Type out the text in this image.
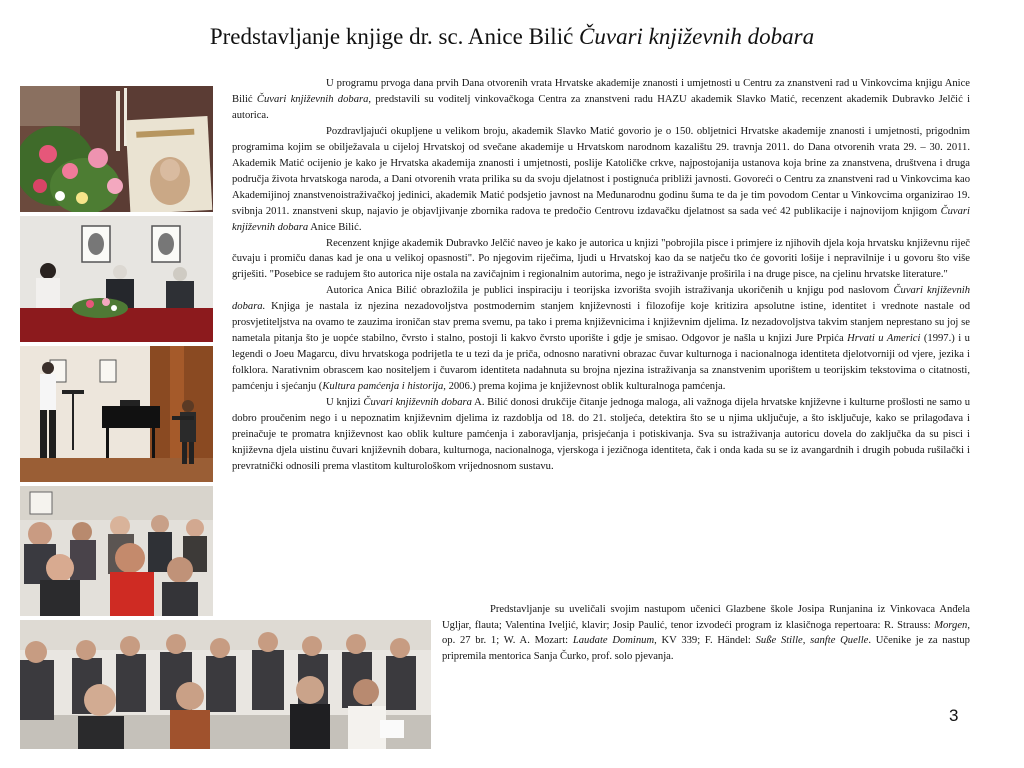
Predstavljanje knjige dr. sc. Anice Bilić Čuvari književnih dobara

U programu prvoga dana prvih Dana otvorenih vrata Hrvatske akademije znanosti i umjetnosti u Centru za znanstveni rad u Vinkovcima knjigu Anice Bilić Čuvari književnih dobara, predstavili su voditelj vinkovačkoga Centra za znanstveni radu HAZU akademik Slavko Matić, recenzent akademik Dubravko Jelčić i autorica.

Pozdravljajući okupljene u velikom broju, akademik Slavko Matić govorio je o 150. obljetnici Hrvatske akademije znanosti i umjetnosti, prigodnim programima kojim se obilježavala u cijeloj Hrvatskoj od svečane akademije u Hrvatskom narodnom kazalištu 29. travnja 2011. do Dana otvorenih vrata 29. – 30. 2011. Akademik Matić ocijenio je kako je Hrvatska akademija znanosti i umjetnosti, poslije Katoličke crkve, najpostojanija ustanova koja brine za znanstvena, društvena i druga područja života hrvatskoga naroda, a Dani otvorenih vrata prilika su da svoju djelatnost i postignuća približi javnosti. Govoreći o Centru za znanstveni rad u Vinkovcima kao Akademijinoj znanstvenoistraživačkoj jedinici, akademik Matić podsjetio javnost na Međunarodnu godinu šuma te da je tim povodom Centar u Vinkovcima organizirao 19. svibnja 2011. znanstveni skup, najavio je objavljivanje zbornika radova te predočio Centrovu izdavačku djelatnost sa sada već 42 publikacije i najnovijom knjigom Čuvari književnih dobara Anice Bilić.

Recenzent knjige akademik Dubravko Jelčić naveo je kako je autorica u knjizi "pobrojila pisce i primjere iz njihovih djela koja hrvatsku književnu riječ čuvaju i promiču danas kad je ona u velikoj opasnosti". Po njegovim riječima, ljudi u Hrvatskoj kao da se natječu tko će govoriti lošije i nepravilnije i u govoru što više griješiti. "Posebice se radujem što autorica nije ostala na zavičajnim i regionalnim autorima, nego je istraživanje proširila i na druge pisce, na cjelinu hrvatske literature."

Autorica Anica Bilić obrazložila je publici inspiraciju i teorijska izvorišta svojih istraživanja ukoričenih u knjigu pod naslovom Čuvari književnih dobara. Knjiga je nastala iz njezina nezadovoljstva postmodernim stanjem književnosti i filozofije koje kritizira apsolutne istine, identitet i vrednote nastale od prosvjetiteljstva na ovamo te zauzima ironičan stav prema svemu, pa tako i prema književnicima i književnim djelima. Iz nezadovoljstva takvim stanjem neprestano su joj se nametala pitanja što je uopće stabilno, čvrsto i stalno, postoji li kakvo čvrsto uporište i gdje je smisao. Odgovor je našla u knjizi Jure Prpića Hrvati u Americi (1997.) i u legendi o Joeu Magarcu, divu hrvatskoga podrijetla te u tezi da je priča, odnosno narativni obrazac čuvar kulturnoga i nacionalnoga identiteta djelotvorniji od vjere, jezika i folklora. Narativnim obrascem kao nositeljem i čuvarom identiteta nadahnuta su brojna njezina istraživanja sa znanstvenim uporištem u teorijskim tekstovima o citatnosti, pamćenju i sjećanju (Kultura pamćenja i historija, 2006.) prema kojima je književnost oblik kulturalnoga pamćenja.

U knjizi Čuvari književnih dobara A. Bilić donosi drukčije čitanje jednoga maloga, ali važnoga dijela hrvatske književne i kulturne prošlosti ne samo u dobro proučenim nego i u nepoznatim književnim djelima iz razdoblja od 18. do 21. stoljeća, detektira što se u njima uključuje, a što isključuje, kako se prilagođava i preinačuje te promatra književnost kao oblik kulture pamćenja i zaboravljanja, prisjećanja i potiskivanja. Sva su istraživanja autoricu dovela do zaključka da su pisci i književna djela uistinu čuvari književnih dobara, kulturnoga, nacionalnoga, vjerskoga i jezičnoga identiteta, čak i onda kada su se iz avangardnih i drugih pobuda rušilački i prevratnički odnosili prema vlastitom kulturološkom vrijednosnom sustavu.

Predstavljanje su uveličali svojim nastupom učenici Glazbene škole Josipa Runjanina iz Vinkovaca Anđela Ugljar, flauta; Valentina Iveljić, klavir; Josip Paulić, tenor izvodeći program iz klasičnoga repertoara: R. Strauss: Morgen, op. 27 br. 1; W. A. Mozart: Laudate Dominum, KV 339; F. Händel: Suße Stille, sanfte Quelle. Učenike je za nastup pripremila mentorica Sanja Čurko, prof. solo pjevanja.

3
